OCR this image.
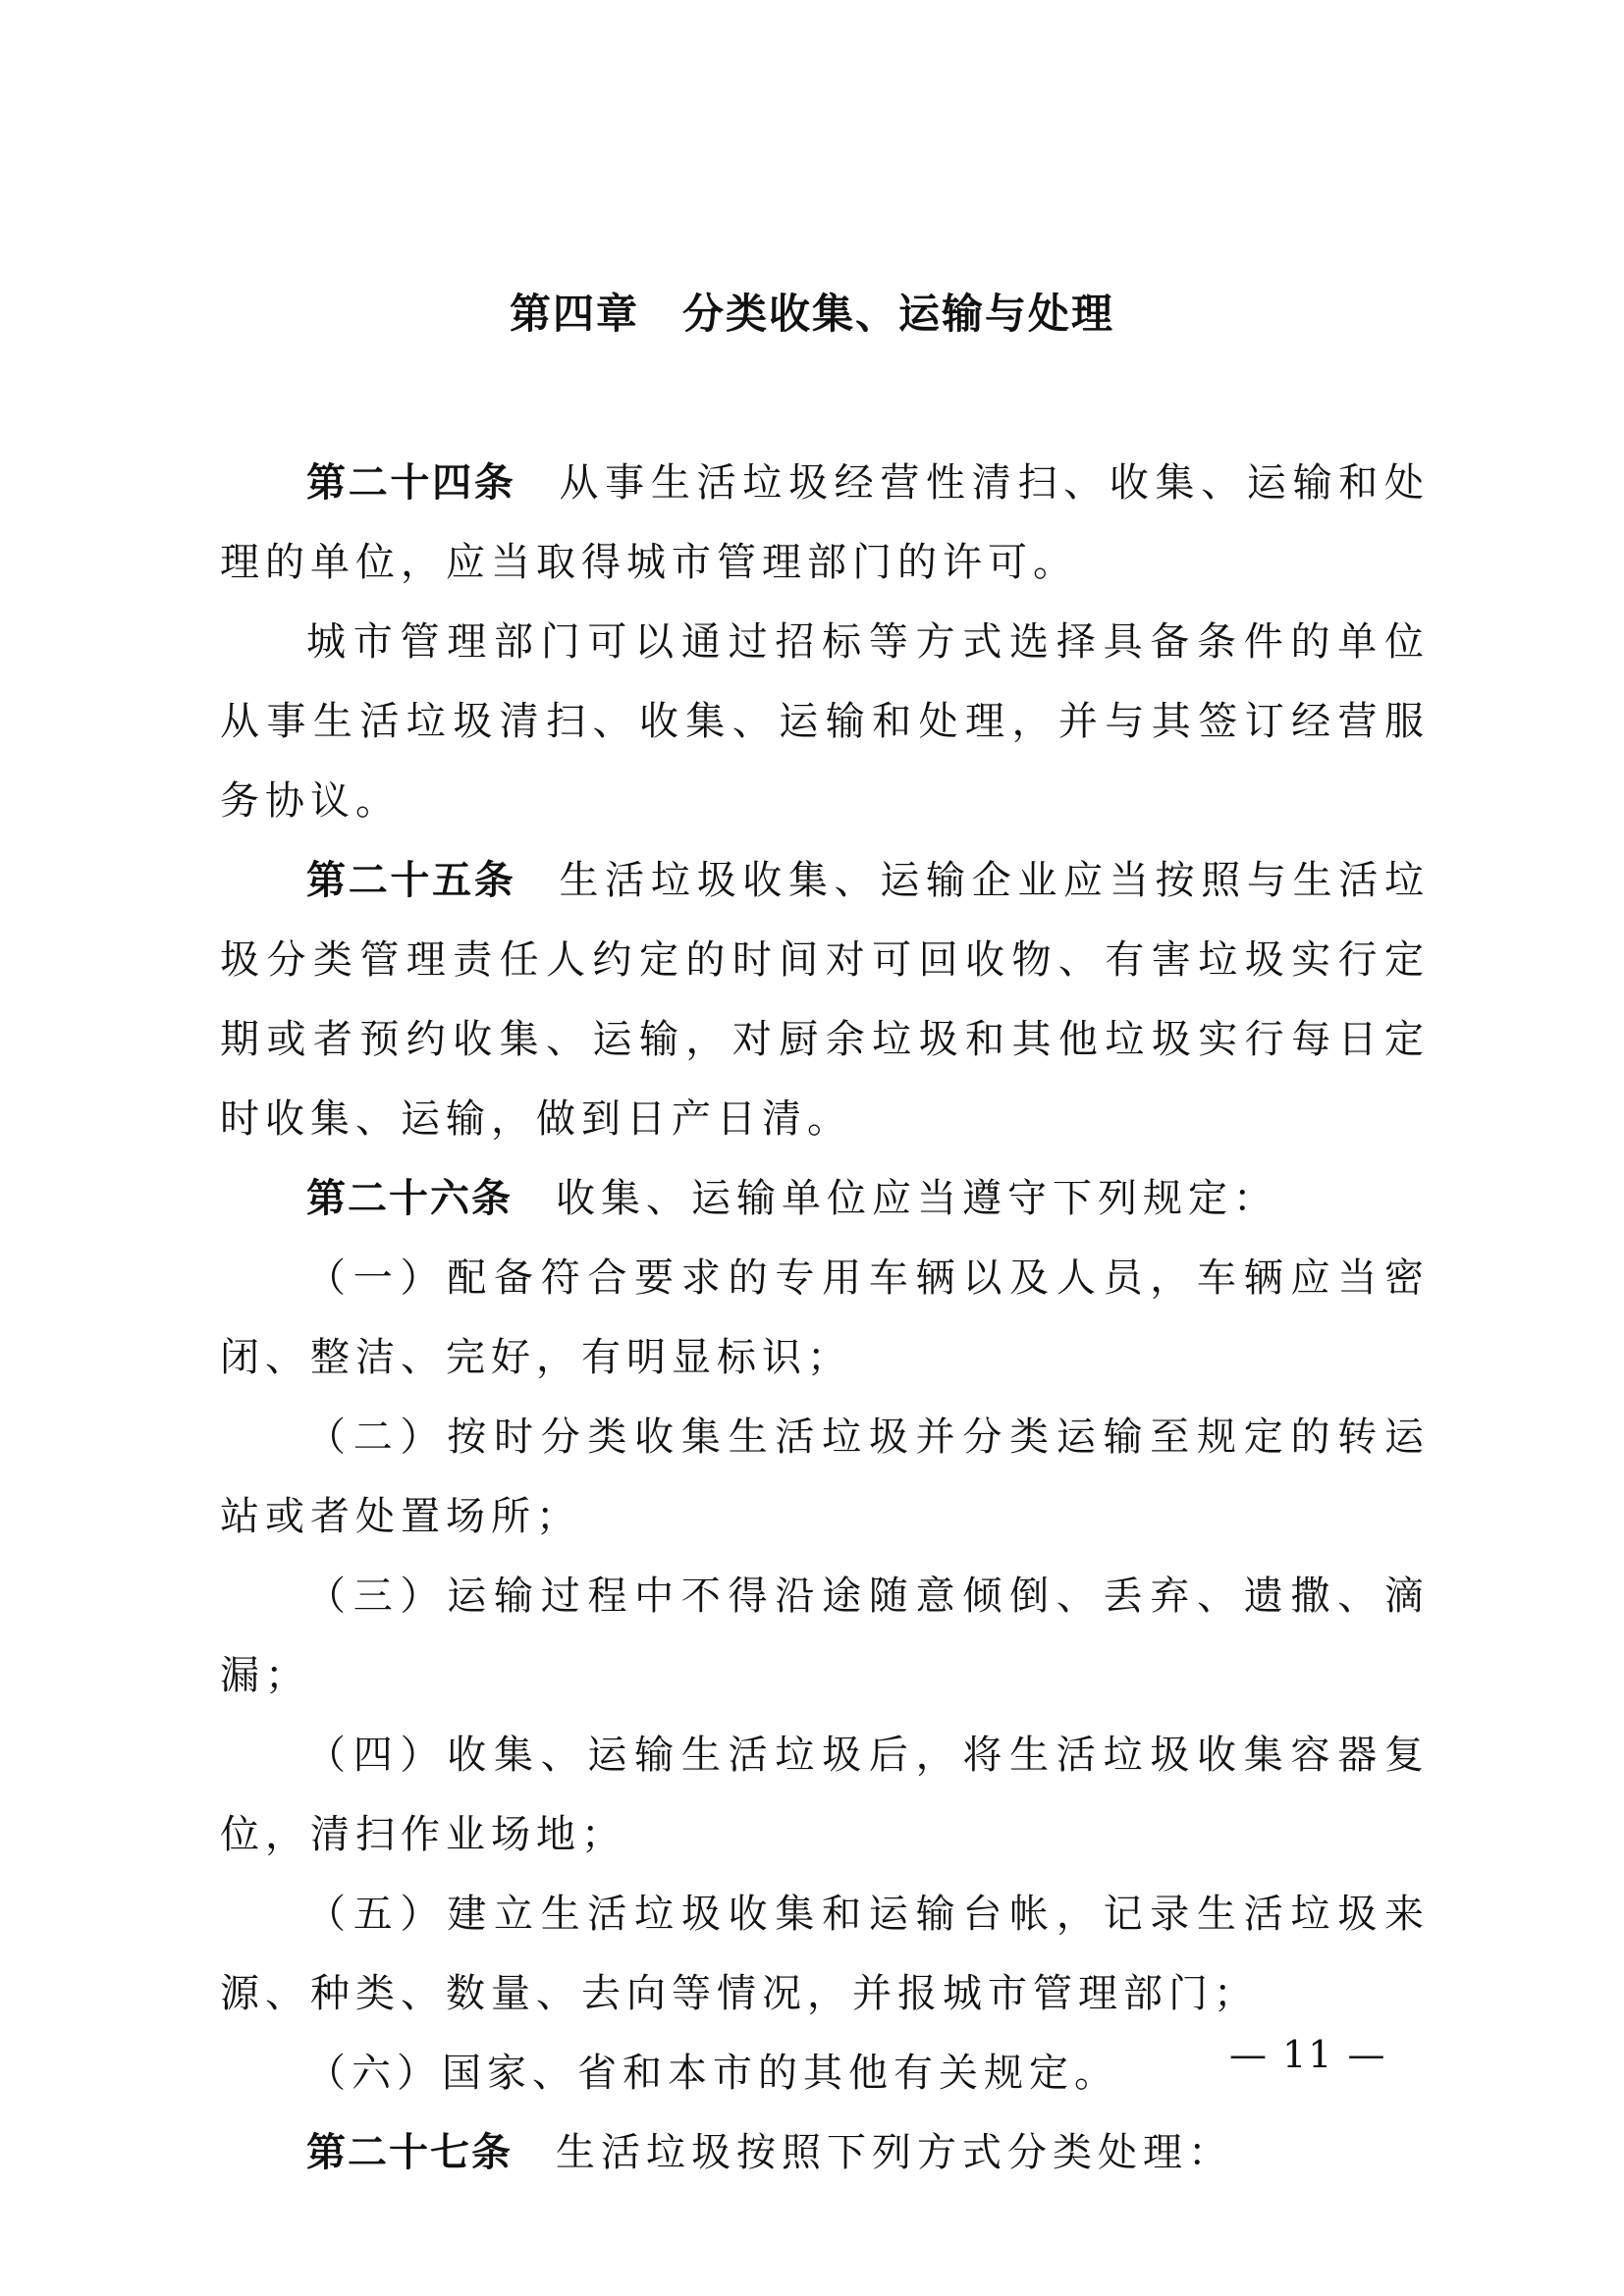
第四章　分类收集、运输与处理

第二十四条 从事生活垃圾经营性清扫、收集、运输和处理的单位，应当取得城市管理部门的许可。

城市管理部门可以通过招标等方式选择具备条件的单位从事生活垃圾清扫、收集、运输和处理，并与其签订经营服务协议。

第二十五条 生活垃圾收集、运输企业应当按照与生活垃圾分类管理责任人约定的时间对可回收物、有害垃圾实行定期或者预约收集、运输，对厨余垃圾和其他垃圾实行每日定时收集、运输，做到日产日清。

第二十六条 收集、运输单位应当遵守下列规定：

（一）配备符合要求的专用车辆以及人员，车辆应当密闭、整洁、完好，有明显标识；

（二）按时分类收集生活垃圾并分类运输至规定的转运站或者处置场所；

（三）运输过程中不得沿途随意倾倒、丢弃、遗撒、滴漏；

（四）收集、运输生活垃圾后，将生活垃圾收集容器复位，清扫作业场地；

（五）建立生活垃圾收集和运输台帐，记录生活垃圾来源、种类、数量、去向等情况，并报城市管理部门；

（六）国家、省和本市的其他有关规定。

第二十七条 生活垃圾按照下列方式分类处理：

— 11 —
